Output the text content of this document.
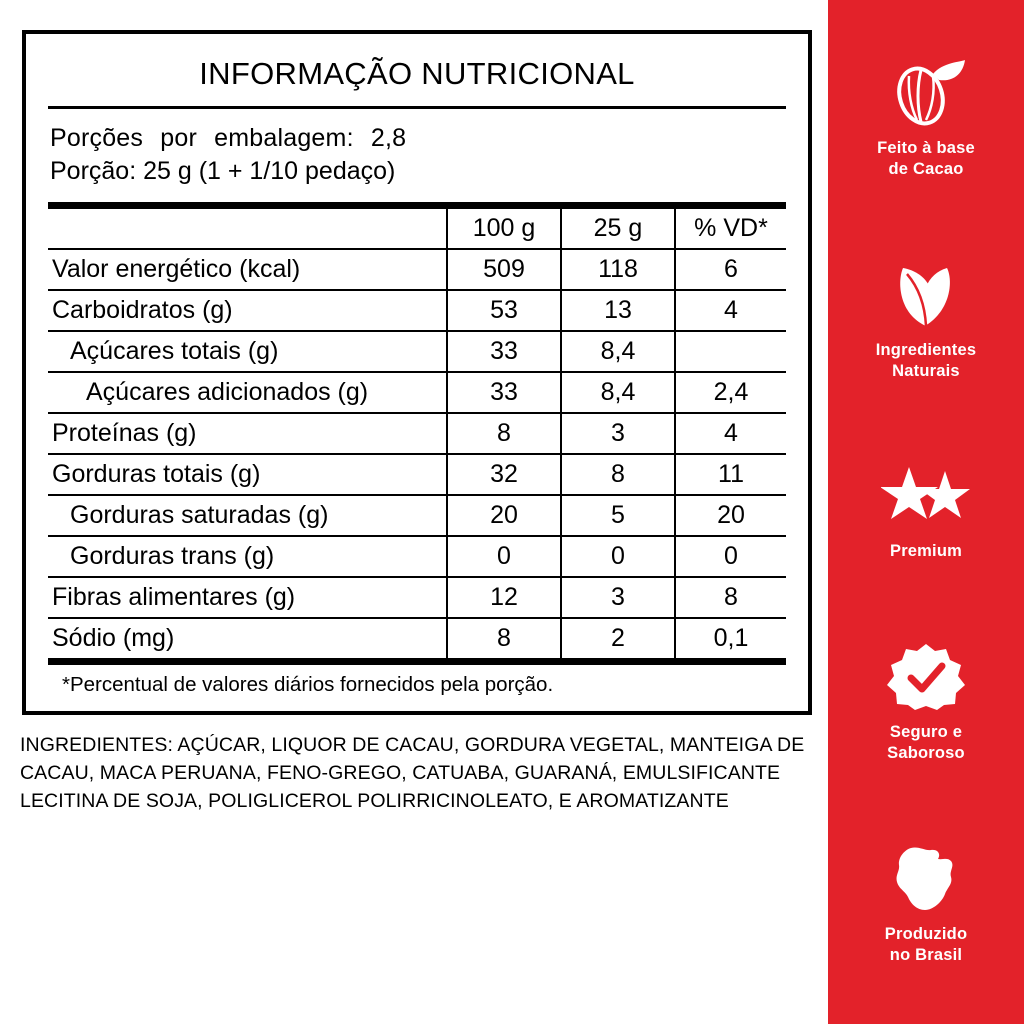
INFORMAÇÃO NUTRICIONAL
Porções por embalagem: 2,8
Porção: 25 g (1 + 1/10 pedaço)
	100 g	25 g	% VD*
Valor energético (kcal)	509	118	6
Carboidratos (g)	53	13	4
Açúcares totais (g)	33	8,4	
Açúcares adicionados (g)	33	8,4	2,4
Proteínas (g)	8	3	4
Gorduras totais (g)	32	8	11
Gorduras saturadas (g)	20	5	20
Gorduras trans (g)	0	0	0
Fibras alimentares (g)	12	3	8
Sódio (mg)	8	2	0,1
*Percentual de valores diários fornecidos pela porção.
INGREDIENTES: AÇÚCAR, LIQUOR DE CACAU, GORDURA VEGETAL, MANTEIGA DE CACAU, MACA PERUANA, FENO-GREGO, CATUABA, GUARANÁ, EMULSIFICANTE LECITINA DE SOJA, POLIGLICEROL POLIRRICINOLEATO, E AROMATIZANTE
Feito à base
de Cacao
Ingredientes
Naturais
Premium
Seguro e
Saboroso
Produzido
no Brasil
